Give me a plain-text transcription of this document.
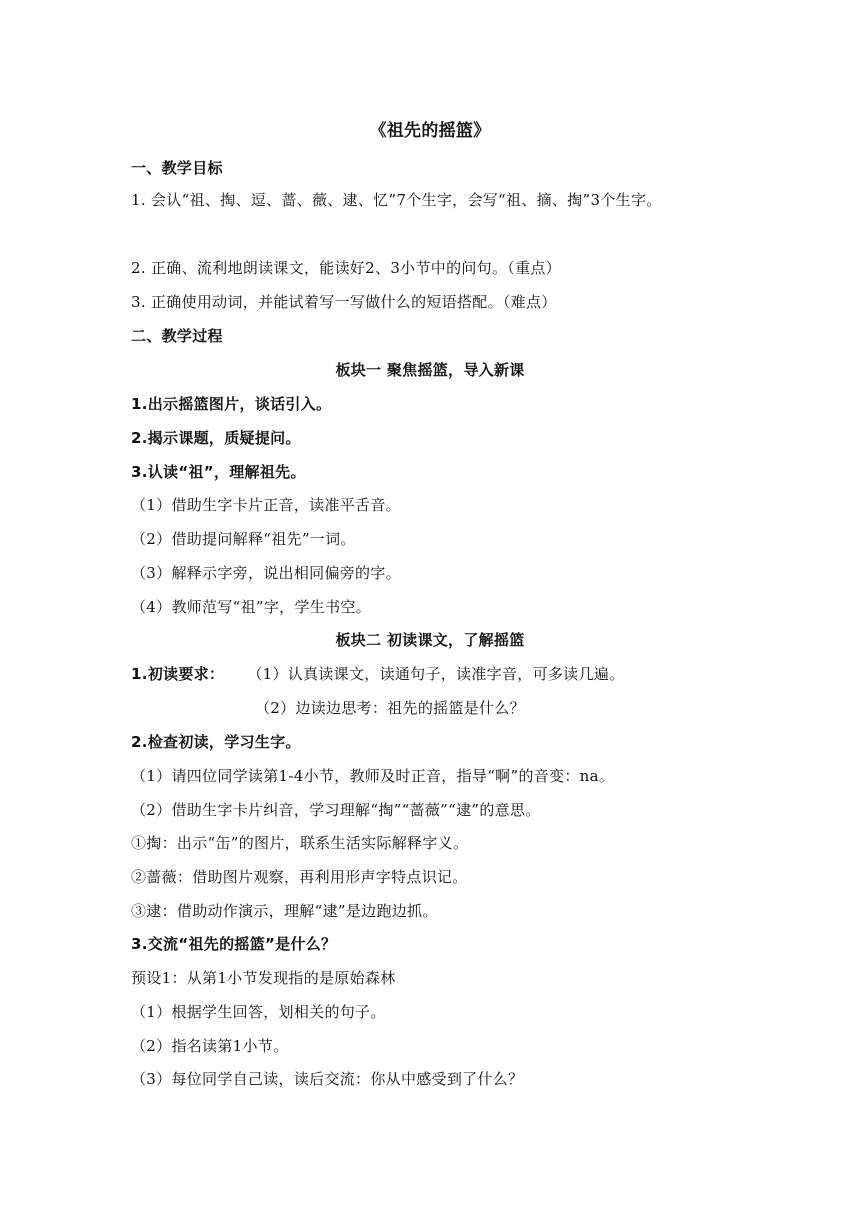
《祖先的摇篮》
一、教学目标
1. 会认“祖、掏、逗、蔷、薇、逮、忆”7个生字，会写“祖、摘、掏”3个生字。
2. 正确、流利地朗读课文，能读好2、3小节中的问句。（重点）
3. 正确使用动词，并能试着写一写做什么的短语搭配。（难点）
二、教学过程
板块一 聚焦摇篮，导入新课
1.出示摇篮图片，谈话引入。
2.揭示课题，质疑提问。
3.认读“祖”，理解祖先。
（1）借助生字卡片正音，读准平舌音。
（2）借助提问解释“祖先”一词。
（3）解释示字旁，说出相同偏旁的字。
（4）教师范写“祖”字，学生书空。
板块二 初读课文，了解摇篮
1.初读要求： （1）认真读课文，读通句子，读准字音，可多读几遍。
（2）边读边思考：祖先的摇篮是什么？
2.检查初读，学习生字。
（1）请四位同学读第1-4小节，教师及时正音，指导“啊”的音变：na。
（2）借助生字卡片纠音，学习理解“掏”“蔷薇”“逮”的意思。
①掏：出示“缶”的图片，联系生活实际解释字义。
②蔷薇：借助图片观察，再利用形声字特点识记。
③逮：借助动作演示，理解“逮”是边跑边抓。
3.交流“祖先的摇篮”是什么？
预设1：从第1小节发现指的是原始森林
（1）根据学生回答，划相关的句子。
（2）指名读第1小节。
（3）每位同学自己读，读后交流：你从中感受到了什么？
